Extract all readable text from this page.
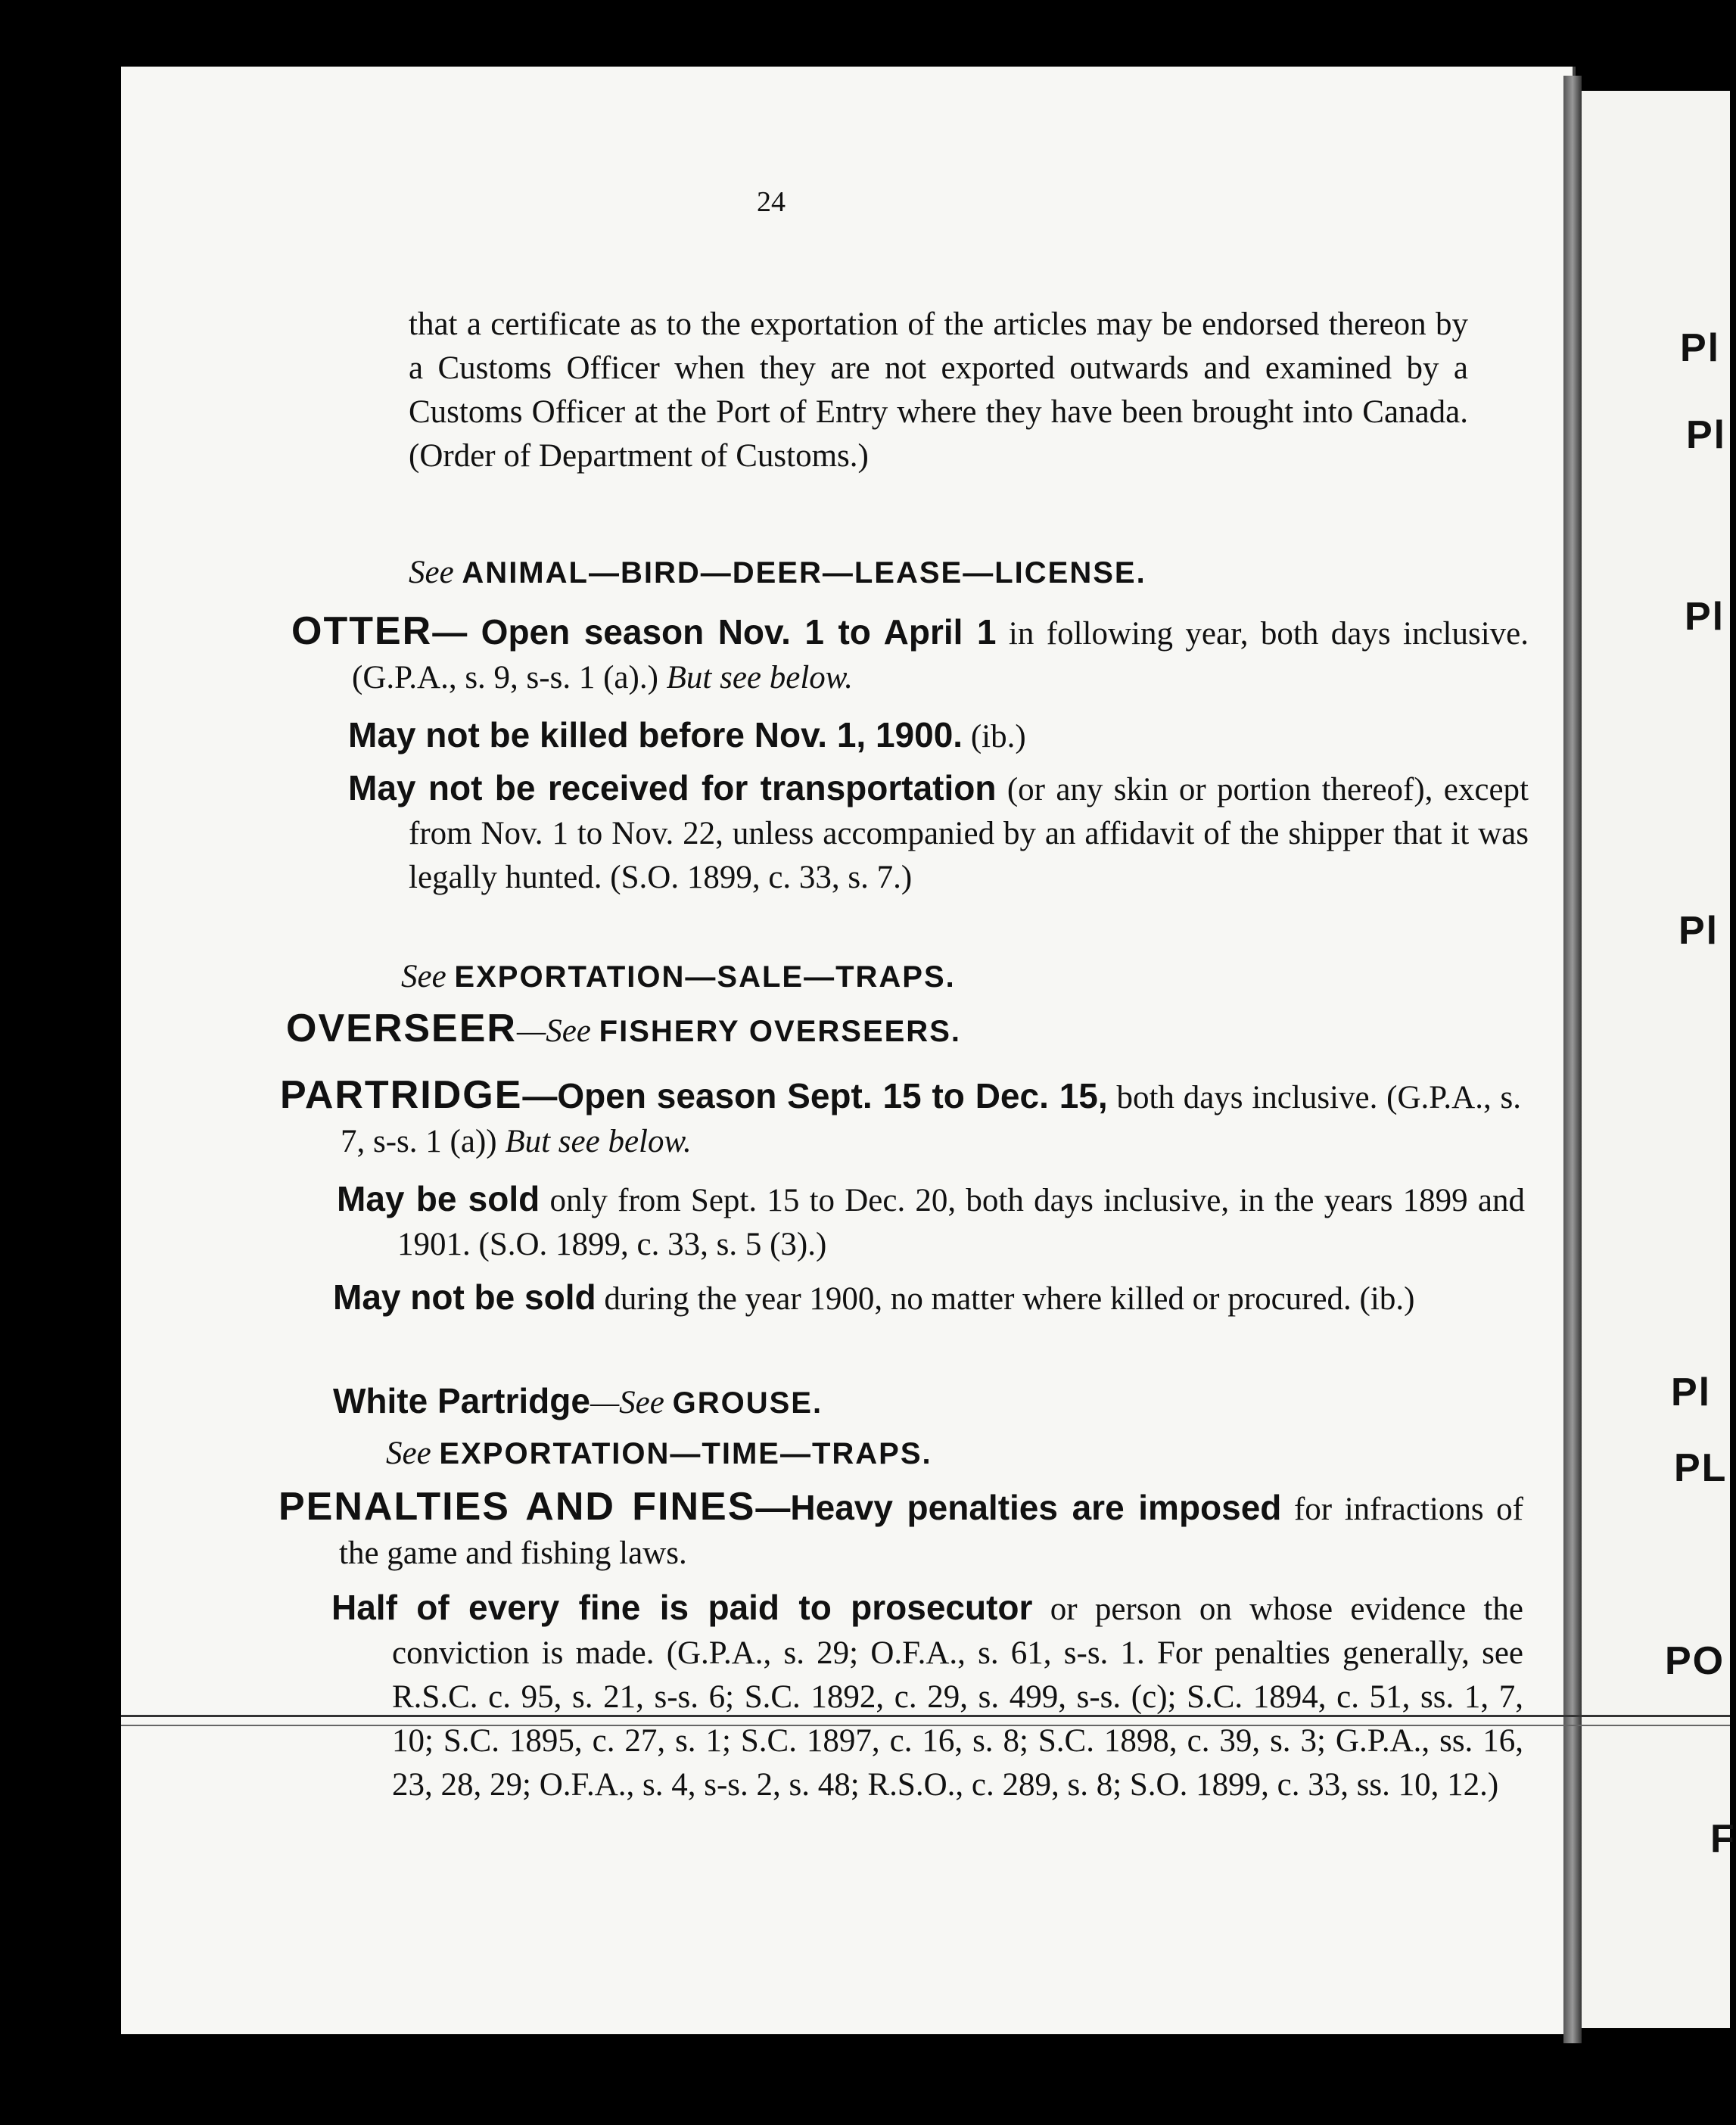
Pl
Pl
Pl
Pl
Pl
PL
PO
F
24
that a certificate as to the exportation of the articles may be endorsed thereon by a Customs Officer when they are not exported outwards and examined by a Customs Officer at the Port of Entry where they have been brought into Canada. (Order of Department of Customs.)
See ANIMAL—BIRD—DEER—LEASE—LICENSE.
OTTER— Open season Nov. 1 to April 1 in following year, both days inclusive. (G.P.A., s. 9, s-s. 1 (a).) But see below.
May not be killed before Nov. 1, 1900. (ib.)
May not be received for transportation (or any skin or portion thereof), except from Nov. 1 to Nov. 22, unless accompanied by an affidavit of the shipper that it was legally hunted. (S.O. 1899, c. 33, s. 7.)
See EXPORTATION—SALE—TRAPS.
OVERSEER—See FISHERY OVERSEERS.
PARTRIDGE—Open season Sept. 15 to Dec. 15, both days inclusive. (G.P.A., s. 7, s-s. 1 (a)) But see below.
May be sold only from Sept. 15 to Dec. 20, both days inclusive, in the years 1899 and 1901. (S.O. 1899, c. 33, s. 5 (3).)
May not be sold during the year 1900, no matter where killed or procured. (ib.)
White Partridge—See GROUSE.
See EXPORTATION—TIME—TRAPS.
PENALTIES AND FINES—Heavy penalties are imposed for infractions of the game and fishing laws.
Half of every fine is paid to prosecutor or person on whose evidence the conviction is made. (G.P.A., s. 29; O.F.A., s. 61, s-s. 1. For penalties generally, see R.S.C. c. 95, s. 21, s-s. 6; S.C. 1892, c. 29, s. 499, s-s. (c); S.C. 1894, c. 51, ss. 1, 7, 10; S.C. 1895, c. 27, s. 1; S.C. 1897, c. 16, s. 8; S.C. 1898, c. 39, s. 3; G.P.A., ss. 16, 23, 28, 29; O.F.A., s. 4, s-s. 2, s. 48; R.S.O., c. 289, s. 8; S.O. 1899, c. 33, ss. 10, 12.)
